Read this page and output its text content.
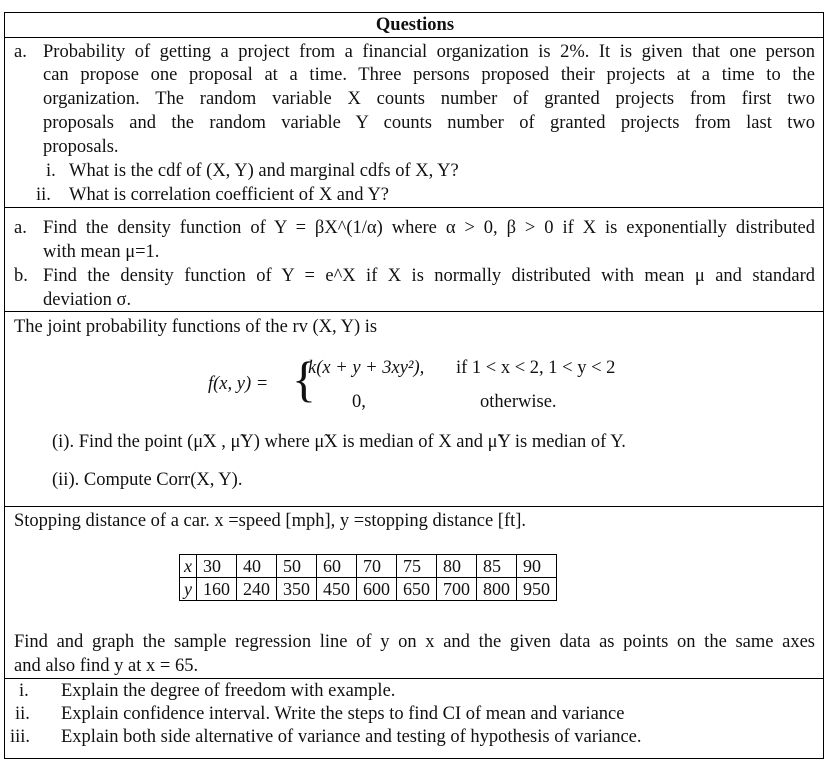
Questions
a. Probability of getting a project from a financial organization is 2%. It is given that one person
can propose one proposal at a time. Three persons proposed their projects at a time to the
organization. The random variable X counts number of granted projects from first two
proposals and the random variable Y counts number of granted projects from last two
proposals.
i. What is the cdf of (X, Y) and marginal cdfs of X, Y?
ii. What is correlation coefficient of X and Y?
a. Find the density function of Y = βX^(1/α) where α > 0, β > 0 if X is exponentially distributed
with mean μ=1.
b. Find the density function of Y = e^X if X is normally distributed with mean μ and standard
deviation σ.
The joint probability functions of the rv (X, Y) is
f(x, y) = {
k(x + y + 3xy²), if 1 < x < 2, 1 < y < 2
0,	otherwise.
(i). Find the point (μ̃X , μ̃Y) where μ̃X is median of X and μ̃Y is median of Y.
(ii). Compute Corr(X, Y).
Stopping distance of a car. x =speed [mph], y =stopping distance [ft].
x	30	40	50	60	70	75	80	85	90
y	160	240	350	450	600	650	700	800	950
Find and graph the sample regression line of y on x and the given data as points on the same axes
and also find y at x = 65.
i. Explain the degree of freedom with example.
ii. Explain confidence interval. Write the steps to find CI of mean and variance
iii. Explain both side alternative of variance and testing of hypothesis of variance.
